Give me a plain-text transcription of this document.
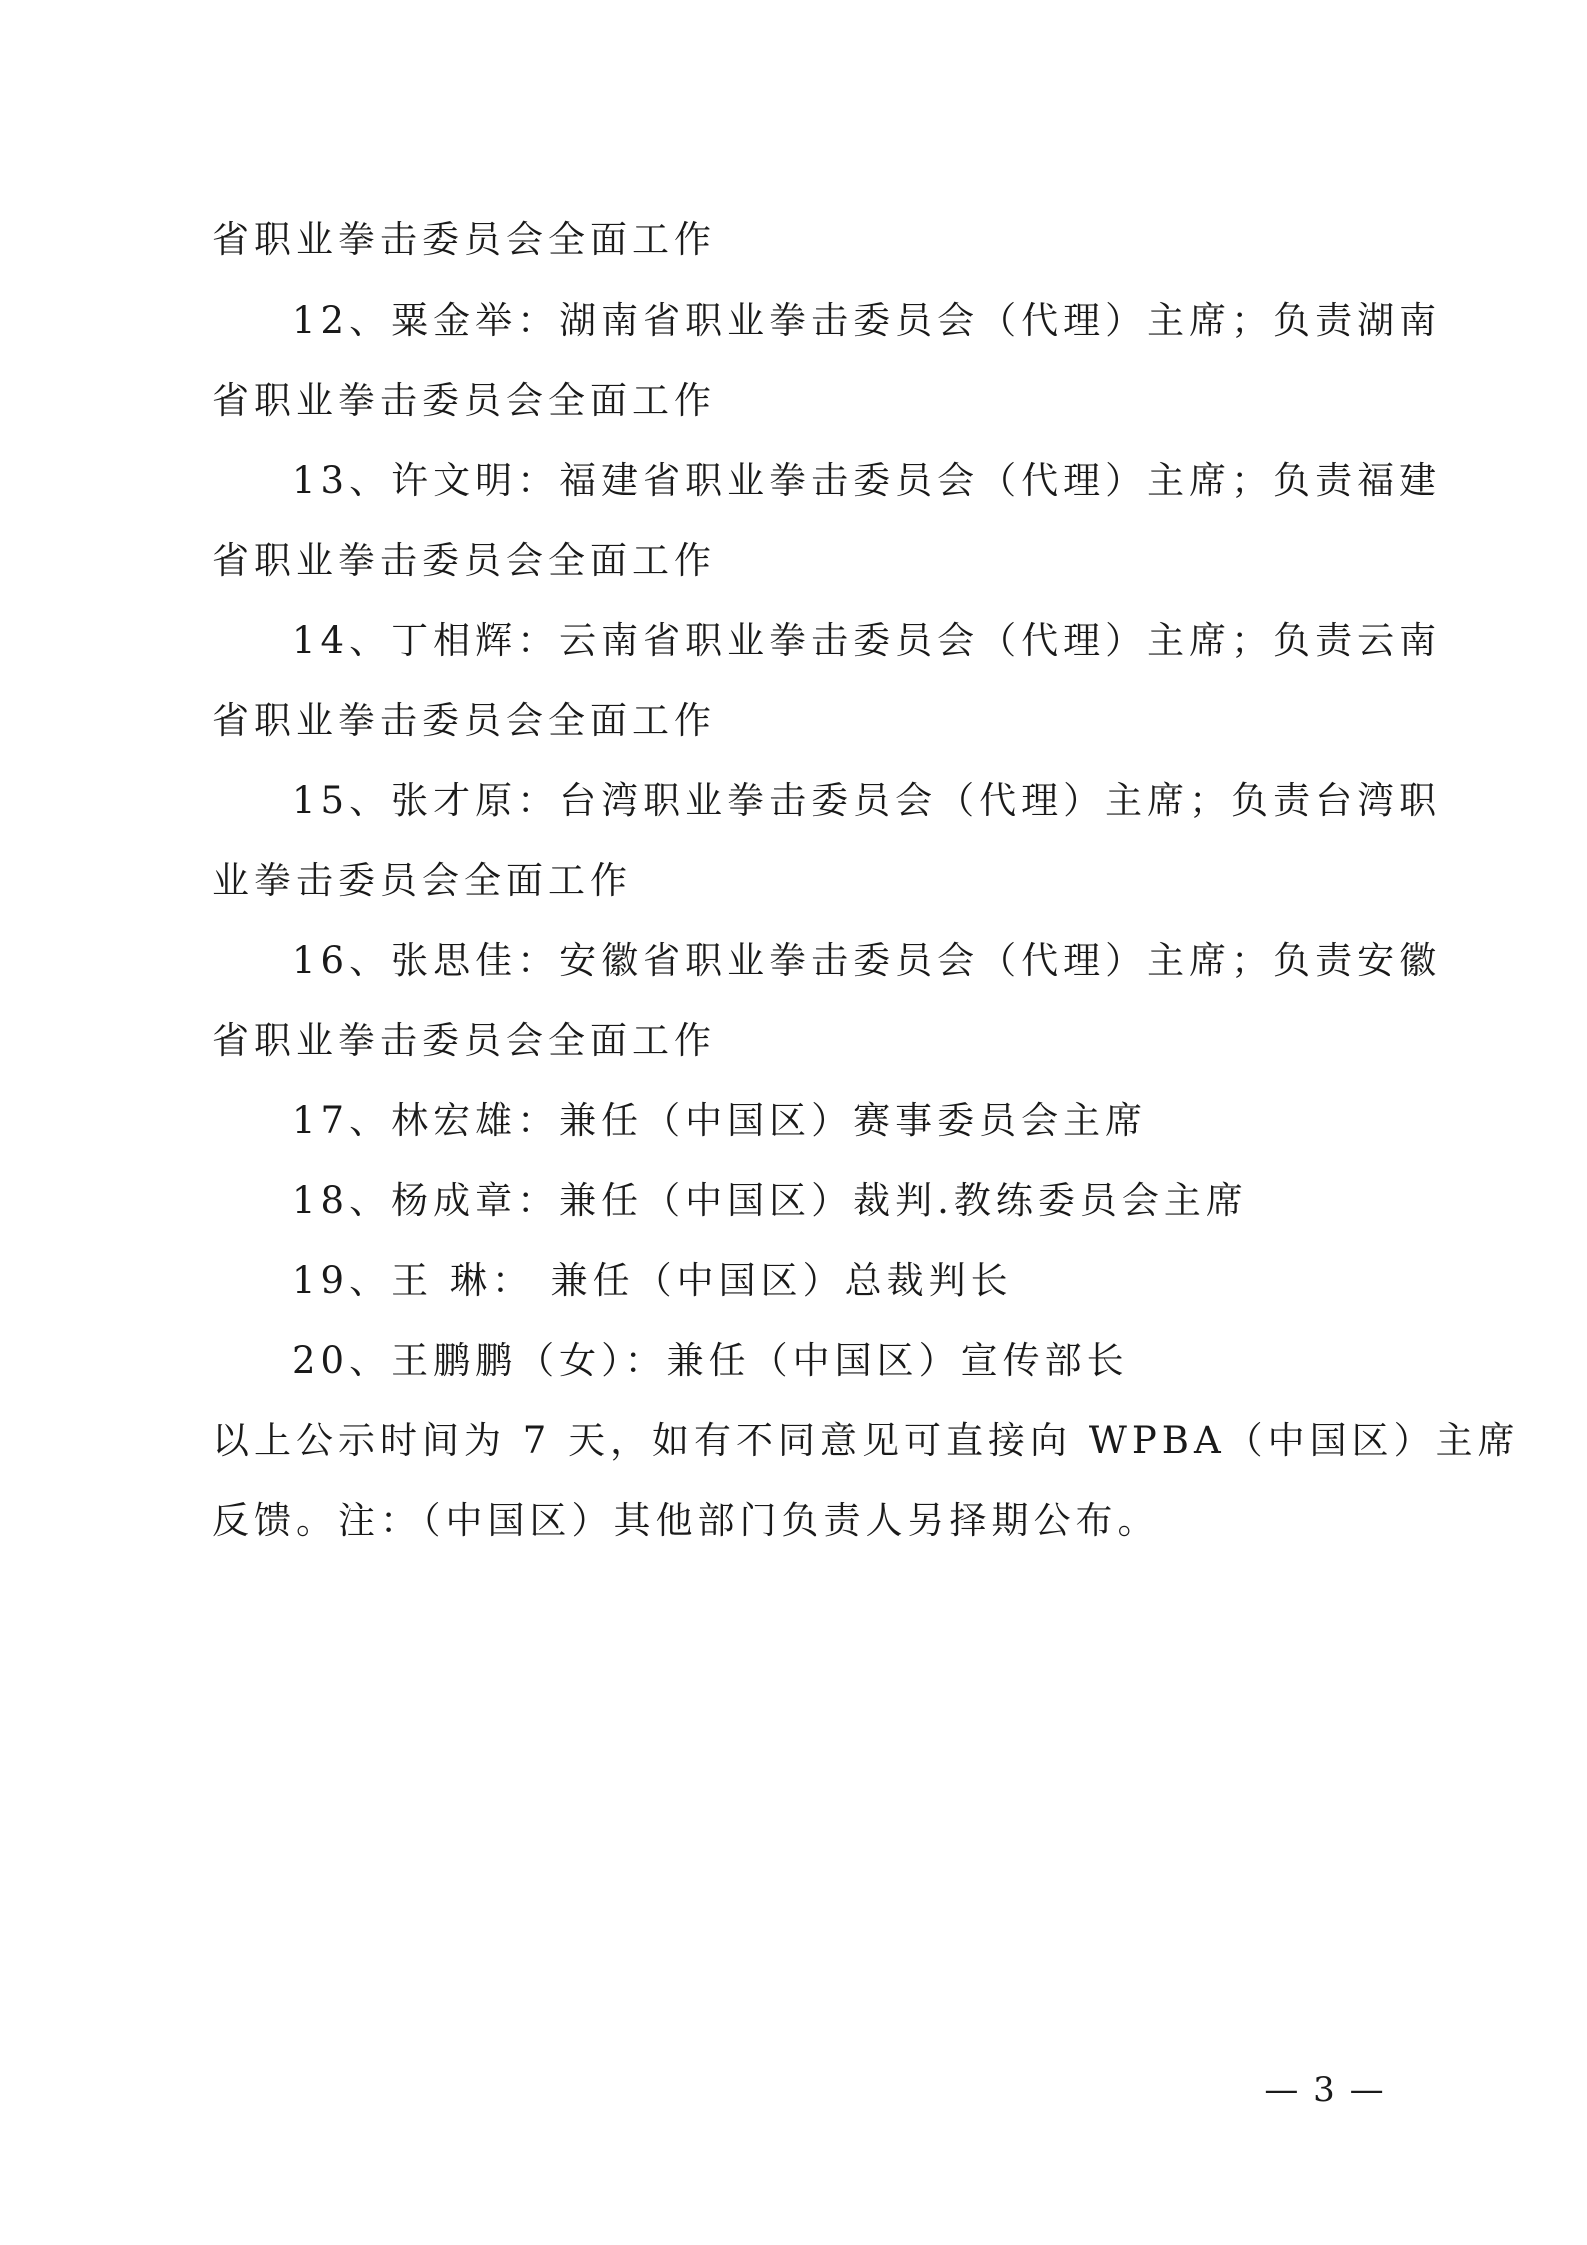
省职业拳击委员会全面工作
12、粟金举：湖南省职业拳击委员会（代理）主席；负责湖南
省职业拳击委员会全面工作
13、许文明：福建省职业拳击委员会（代理）主席；负责福建
省职业拳击委员会全面工作
14、丁相辉：云南省职业拳击委员会（代理）主席；负责云南
省职业拳击委员会全面工作
15、张才原：台湾职业拳击委员会（代理）主席；负责台湾职
业拳击委员会全面工作
16、张思佳：安徽省职业拳击委员会（代理）主席；负责安徽
省职业拳击委员会全面工作
17、林宏雄：兼任（中国区）赛事委员会主席
18、杨成章：兼任（中国区）裁判.教练委员会主席
19、王 琳： 兼任（中国区）总裁判长
20、王鹏鹏（女）：兼任（中国区）宣传部长
以上公示时间为 7 天，如有不同意见可直接向 WPBA（中国区）主席
反馈。注：（中国区）其他部门负责人另择期公布。
— 3 —
